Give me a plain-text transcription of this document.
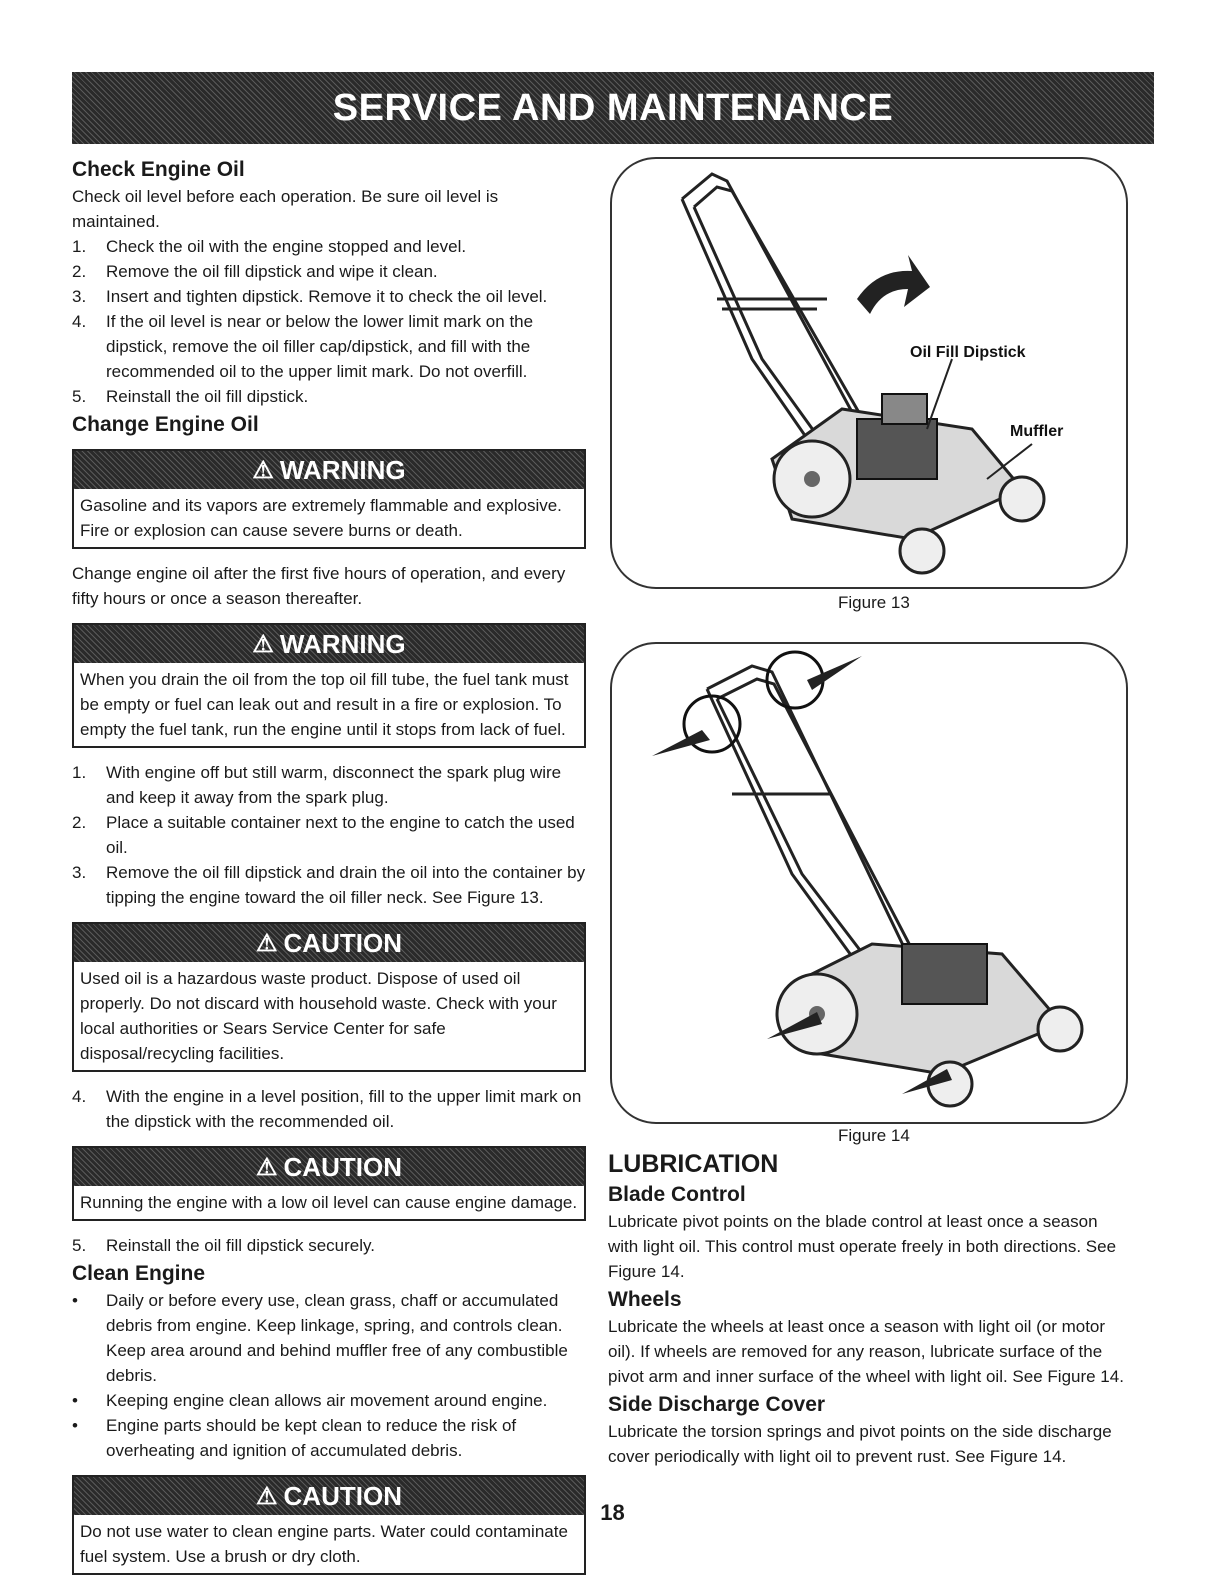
SERVICE AND MAINTENANCE
Check Engine Oil

Check oil level before each operation. Be sure oil level is maintained.

1.	Check the oil with the engine stopped and level.
2.	Remove the oil fill dipstick and wipe it clean.
3.	Insert and tighten dipstick. Remove it to check the oil level.
4.	If the oil level is near or below the lower limit mark on the dipstick, remove the oil filler cap/dipstick, and fill with the recommended oil to the upper limit mark. Do not overfill.
5.	Reinstall the oil fill dipstick.
Change Engine Oil
⚠ WARNING

Gasoline and its vapors are extremely flammable and explosive. Fire or explosion can cause severe burns or death.

Change engine oil after the first five hours of operation, and every fifty hours or once a season thereafter.

⚠ WARNING

When you drain the oil from the top oil fill tube, the fuel tank must be empty or fuel can leak out and result in a fire or explosion. To empty the fuel tank, run the engine until it stops from lack of fuel.

1.	With engine off but still warm, disconnect the spark plug wire and keep it away from the spark plug.
2.	Place a suitable container next to the engine to catch the used oil.
3.	Remove the oil fill dipstick and drain the oil into the container by tipping the engine toward the oil filler neck. See Figure 13.
⚠ CAUTION

Used oil is a hazardous waste product. Dispose of used oil properly. Do not discard with household waste. Check with your local authorities or Sears Service Center for safe disposal/recycling facilities.

4.	With the engine in a level position, fill to the upper limit mark on the dipstick with the recommended oil.
⚠ CAUTION

Running the engine with a low oil level can cause engine damage.

5.	Reinstall the oil fill dipstick securely.
Clean Engine
•	Daily or before every use, clean grass, chaff or accumulated debris from engine. Keep linkage, spring, and controls clean. Keep area around and behind muffler free of any combustible debris.
•	Keeping engine clean allows air movement around engine.
•	Engine parts should be kept clean to reduce the risk of overheating and ignition of accumulated debris.
⚠ CAUTION

Do not use water to clean engine parts. Water could contaminate fuel system. Use a brush or dry cloth.

Oil Fill Dipstick
Muffler
Figure 13
Figure 14
LUBRICATION
Blade Control

Lubricate pivot points on the blade control at least once a season with light oil. This control must operate freely in both directions. See Figure 14.

Wheels

Lubricate the wheels at least once a season with light oil (or motor oil). If wheels are removed for any reason, lubricate surface of the pivot arm and inner surface of the wheel with light oil. See Figure 14.

Side Discharge Cover

Lubricate the torsion springs and pivot points on the side discharge cover periodically with light oil to prevent rust. See Figure 14.

18
